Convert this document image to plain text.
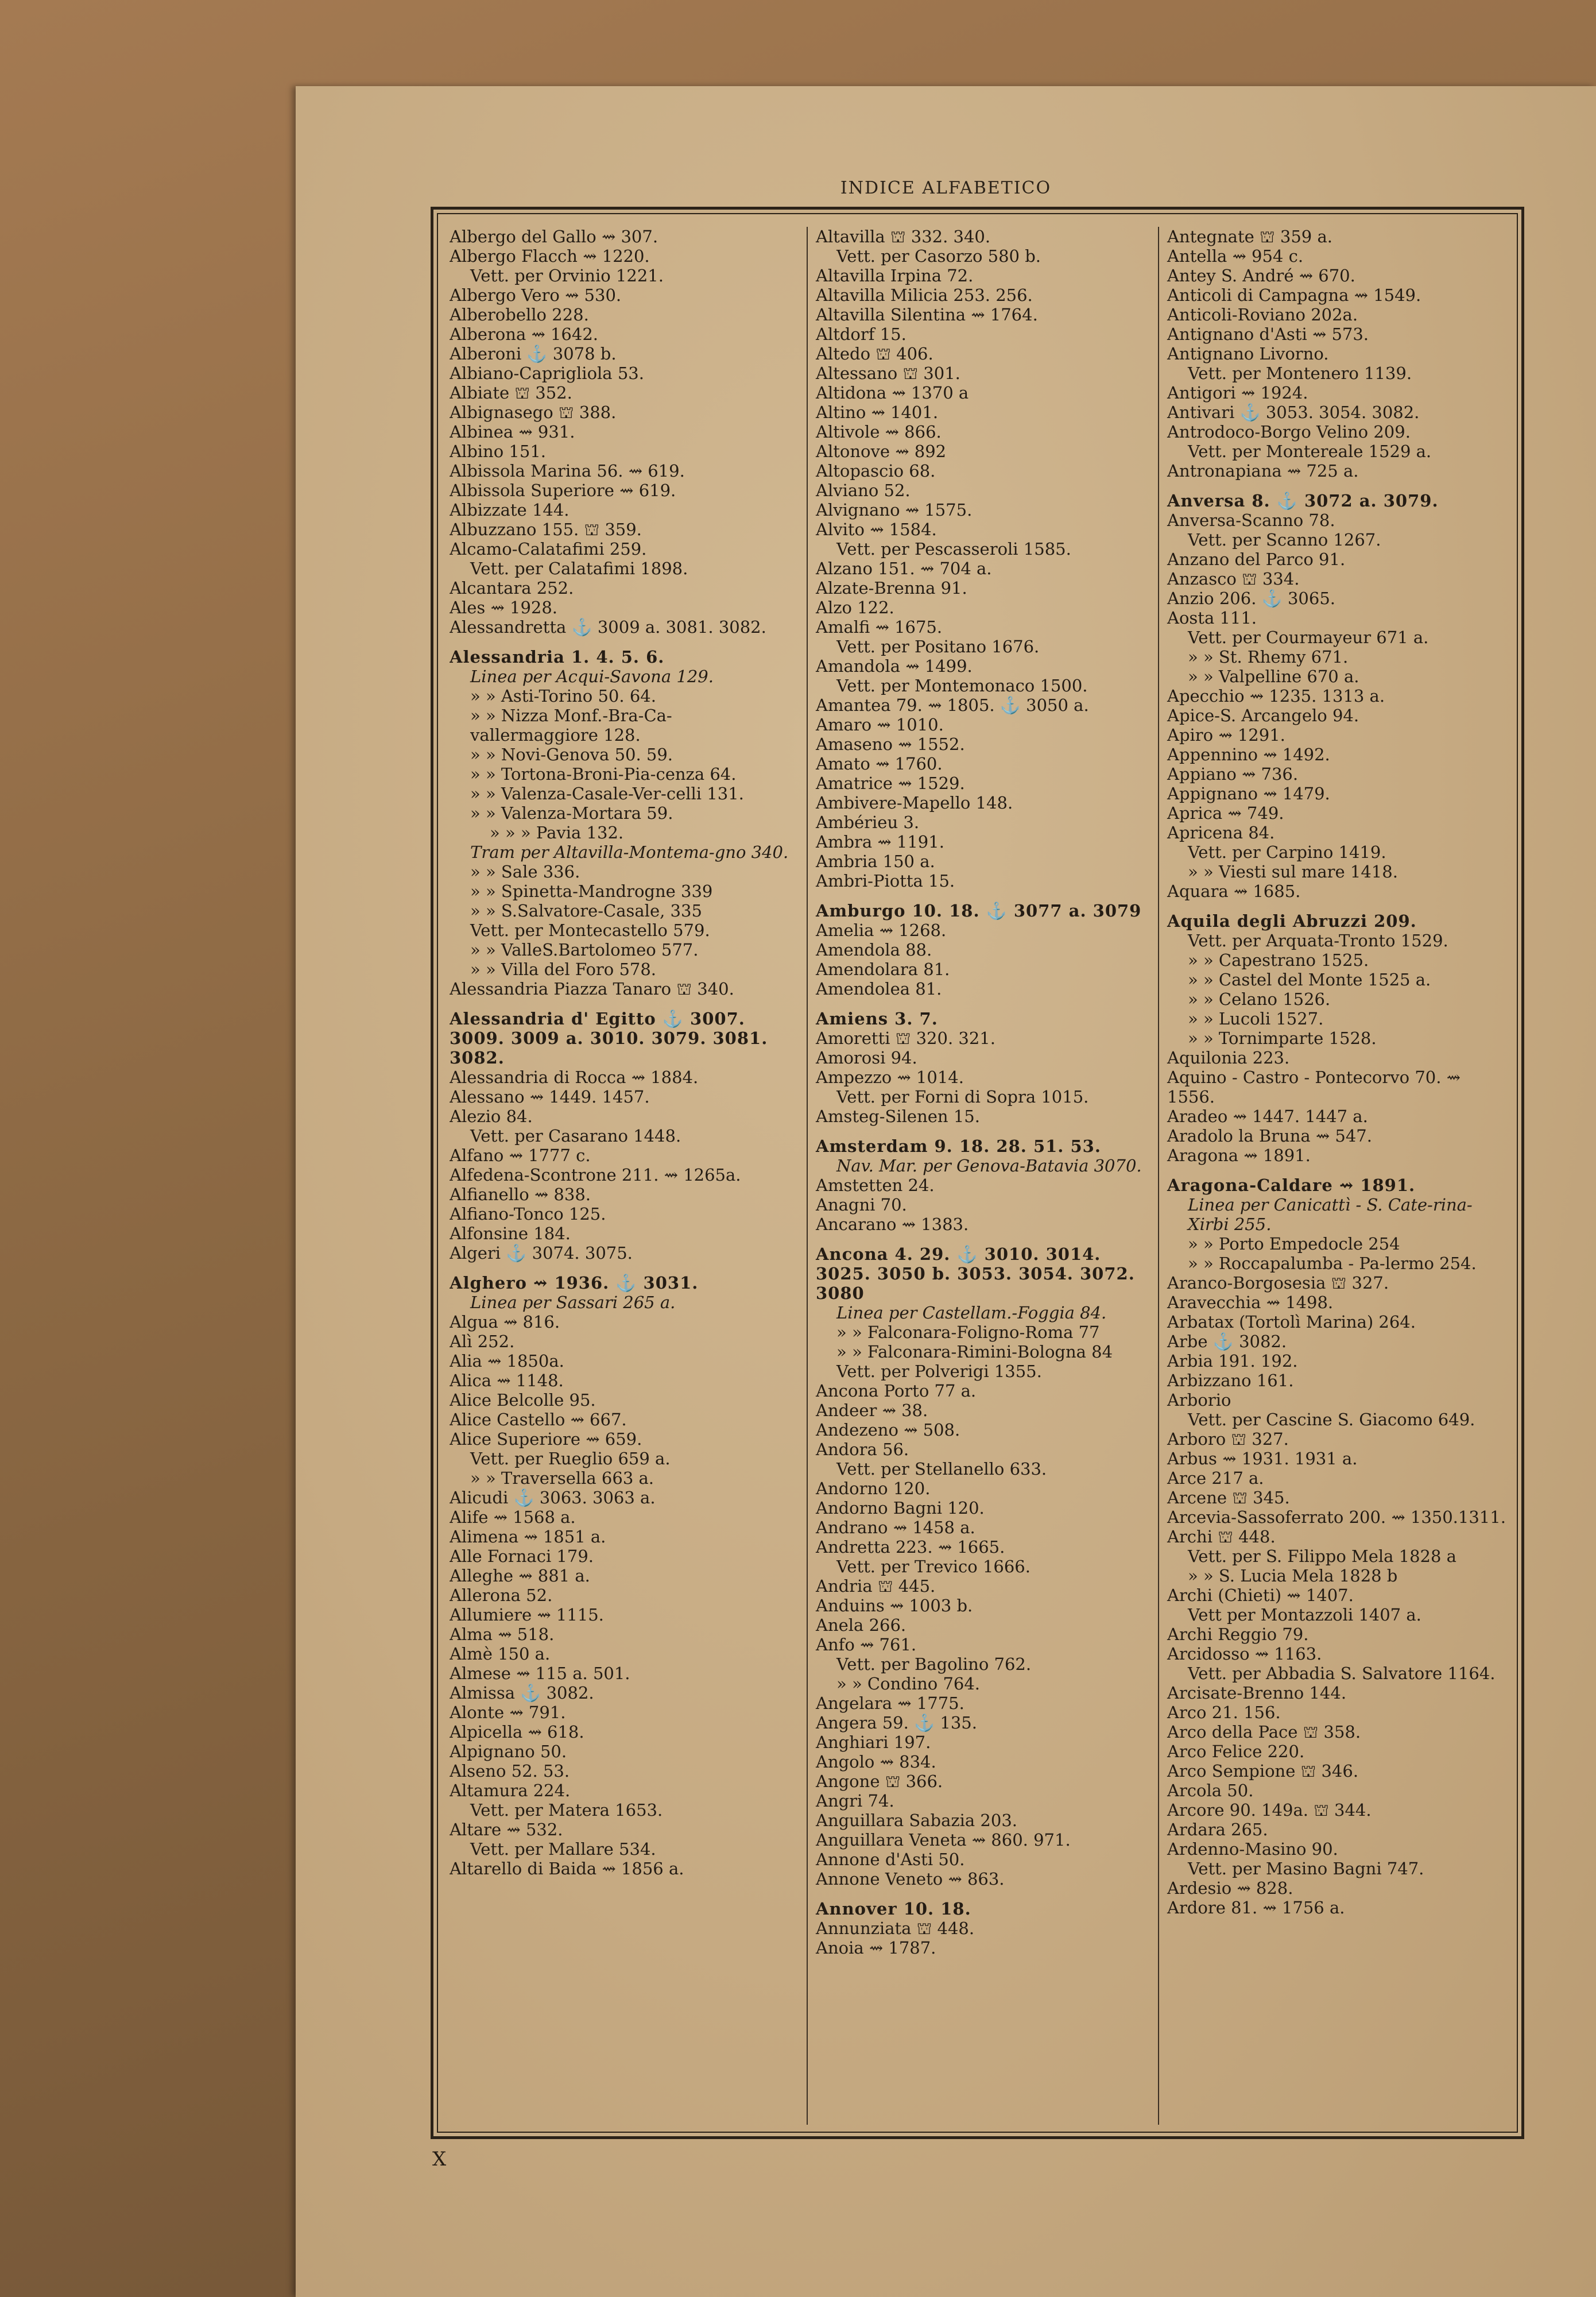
INDICE ALFABETICO
Albergo del Gallo ⇝ 307.
Albergo Flacch ⇝ 1220.
Vett. per Orvinio 1221.
Albergo Vero ⇝ 530.
Alberobello 228.
Alberona ⇝ 1642.
Alberoni ⚓ 3078 b.
Albiano-Caprigliola 53.
Albiate ⛫ 352.
Albignasego ⛫ 388.
Albinea ⇝ 931.
Albino 151.
Albissola Marina 56. ⇝ 619.
Albissola Superiore ⇝ 619.
Albizzate 144.
Albuzzano 155. ⛫ 359.
Alcamo-Calatafimi 259.
Vett. per Calatafimi 1898.
Alcantara 252.
Ales ⇝ 1928.
Alessandretta ⚓ 3009 a. 3081. 3082.
Alessandria 1. 4. 5. 6.
Linea per Acqui-Savona 129.
» » Asti-Torino 50. 64.
» » Nizza Monf.-Bra-Ca-vallermaggiore 128.
» » Novi-Genova 50. 59.
» » Tortona-Broni-Pia-cenza 64.
» » Valenza-Casale-Ver-celli 131.
» » Valenza-Mortara 59.
» » » Pavia 132.
Tram per Altavilla-Montema-gno 340.
» » Sale 336.
» » Spinetta-Mandrogne 339
» » S.Salvatore-Casale, 335
Vett. per Montecastello 579.
» » ValleS.Bartolomeo 577.
» » Villa del Foro 578.
Alessandria Piazza Tanaro ⛫ 340.
Alessandria d' Egitto ⚓ 3007. 3009. 3009 a. 3010. 3079. 3081. 3082.
Alessandria di Rocca ⇝ 1884.
Alessano ⇝ 1449. 1457.
Alezio 84.
Vett. per Casarano 1448.
Alfano ⇝ 1777 c.
Alfedena-Scontrone 211. ⇝ 1265a.
Alfianello ⇝ 838.
Alfiano-Tonco 125.
Alfonsine 184.
Algeri ⚓ 3074. 3075.
Alghero ⇝ 1936. ⚓ 3031.
Linea per Sassari 265 a.
Algua ⇝ 816.
Alì 252.
Alia ⇝ 1850a.
Alica ⇝ 1148.
Alice Belcolle 95.
Alice Castello ⇝ 667.
Alice Superiore ⇝ 659.
Vett. per Rueglio 659 a.
» » Traversella 663 a.
Alicudi ⚓ 3063. 3063 a.
Alife ⇝ 1568 a.
Alimena ⇝ 1851 a.
Alle Fornaci 179.
Alleghe ⇝ 881 a.
Allerona 52.
Allumiere ⇝ 1115.
Alma ⇝ 518.
Almè 150 a.
Almese ⇝ 115 a. 501.
Almissa ⚓ 3082.
Alonte ⇝ 791.
Alpicella ⇝ 618.
Alpignano 50.
Alseno 52. 53.
Altamura 224.
Vett. per Matera 1653.
Altare ⇝ 532.
Vett. per Mallare 534.
Altarello di Baida ⇝ 1856 a.
Altavilla ⛫ 332. 340.
Vett. per Casorzo 580 b.
Altavilla Irpina 72.
Altavilla Milicia 253. 256.
Altavilla Silentina ⇝ 1764.
Altdorf 15.
Altedo ⛫ 406.
Altessano ⛫ 301.
Altidona ⇝ 1370 a
Altino ⇝ 1401.
Altivole ⇝ 866.
Altonove ⇝ 892
Altopascio 68.
Alviano 52.
Alvignano ⇝ 1575.
Alvito ⇝ 1584.
Vett. per Pescasseroli 1585.
Alzano 151. ⇝ 704 a.
Alzate-Brenna 91.
Alzo 122.
Amalfi ⇝ 1675.
Vett. per Positano 1676.
Amandola ⇝ 1499.
Vett. per Montemonaco 1500.
Amantea 79. ⇝ 1805. ⚓ 3050 a.
Amaro ⇝ 1010.
Amaseno ⇝ 1552.
Amato ⇝ 1760.
Amatrice ⇝ 1529.
Ambivere-Mapello 148.
Ambérieu 3.
Ambra ⇝ 1191.
Ambria 150 a.
Ambri-Piotta 15.
Amburgo 10. 18. ⚓ 3077 a. 3079
Amelia ⇝ 1268.
Amendola 88.
Amendolara 81.
Amendolea 81.
Amiens 3. 7.
Amoretti ⛫ 320. 321.
Amorosi 94.
Ampezzo ⇝ 1014.
Vett. per Forni di Sopra 1015.
Amsteg-Silenen 15.
Amsterdam 9. 18. 28. 51. 53.
Nav. Mar. per Genova-Batavia 3070.
Amstetten 24.
Anagni 70.
Ancarano ⇝ 1383.
Ancona 4. 29. ⚓ 3010. 3014. 3025. 3050 b. 3053. 3054. 3072. 3080
Linea per Castellam.-Foggia 84.
» » Falconara-Foligno-Roma 77
» » Falconara-Rimini-Bologna 84
Vett. per Polverigi 1355.
Ancona Porto 77 a.
Andeer ⇝ 38.
Andezeno ⇝ 508.
Andora 56.
Vett. per Stellanello 633.
Andorno 120.
Andorno Bagni 120.
Andrano ⇝ 1458 a.
Andretta 223. ⇝ 1665.
Vett. per Trevico 1666.
Andria ⛫ 445.
Anduins ⇝ 1003 b.
Anela 266.
Anfo ⇝ 761.
Vett. per Bagolino 762.
» » Condino 764.
Angelara ⇝ 1775.
Angera 59. ⚓ 135.
Anghiari 197.
Angolo ⇝ 834.
Angone ⛫ 366.
Angri 74.
Anguillara Sabazia 203.
Anguillara Veneta ⇝ 860. 971.
Annone d'Asti 50.
Annone Veneto ⇝ 863.
Annover 10. 18.
Annunziata ⛫ 448.
Anoia ⇝ 1787.
Antegnate ⛫ 359 a.
Antella ⇝ 954 c.
Antey S. André ⇝ 670.
Anticoli di Campagna ⇝ 1549.
Anticoli-Roviano 202a.
Antignano d'Asti ⇝ 573.
Antignano Livorno.
Vett. per Montenero 1139.
Antigori ⇝ 1924.
Antivari ⚓ 3053. 3054. 3082.
Antrodoco-Borgo Velino 209.
Vett. per Montereale 1529 a.
Antronapiana ⇝ 725 a.
Anversa 8. ⚓ 3072 a. 3079.
Anversa-Scanno 78.
Vett. per Scanno 1267.
Anzano del Parco 91.
Anzasco ⛫ 334.
Anzio 206. ⚓ 3065.
Aosta 111.
Vett. per Courmayeur 671 a.
» » St. Rhemy 671.
» » Valpelline 670 a.
Apecchio ⇝ 1235. 1313 a.
Apice-S. Arcangelo 94.
Apiro ⇝ 1291.
Appennino ⇝ 1492.
Appiano ⇝ 736.
Appignano ⇝ 1479.
Aprica ⇝ 749.
Apricena 84.
Vett. per Carpino 1419.
» » Viesti sul mare 1418.
Aquara ⇝ 1685.
Aquila degli Abruzzi 209.
Vett. per Arquata-Tronto 1529.
» » Capestrano 1525.
» » Castel del Monte 1525 a.
» » Celano 1526.
» » Lucoli 1527.
» » Tornimparte 1528.
Aquilonia 223.
Aquino - Castro - Pontecorvo 70. ⇝ 1556.
Aradeo ⇝ 1447. 1447 a.
Aradolo la Bruna ⇝ 547.
Aragona ⇝ 1891.
Aragona-Caldare ⇝ 1891.
Linea per Canicattì - S. Cate-rina-Xirbi 255.
» » Porto Empedocle 254
» » Roccapalumba - Pa-lermo 254.
Aranco-Borgosesia ⛫ 327.
Aravecchia ⇝ 1498.
Arbatax (Tortolì Marina) 264.
Arbe ⚓ 3082.
Arbia 191. 192.
Arbizzano 161.
Arborio
Vett. per Cascine S. Giacomo 649.
Arboro ⛫ 327.
Arbus ⇝ 1931. 1931 a.
Arce 217 a.
Arcene ⛫ 345.
Arcevia-Sassoferrato 200. ⇝ 1350.1311.
Archi ⛫ 448.
Vett. per S. Filippo Mela 1828 a
» » S. Lucia Mela 1828 b
Archi (Chieti) ⇝ 1407.
Vett per Montazzoli 1407 a.
Archi Reggio 79.
Arcidosso ⇝ 1163.
Vett. per Abbadia S. Salvatore 1164.
Arcisate-Brenno 144.
Arco 21. 156.
Arco della Pace ⛫ 358.
Arco Felice 220.
Arco Sempione ⛫ 346.
Arcola 50.
Arcore 90. 149a. ⛫ 344.
Ardara 265.
Ardenno-Masino 90.
Vett. per Masino Bagni 747.
Ardesio ⇝ 828.
Ardore 81. ⇝ 1756 a.
X
